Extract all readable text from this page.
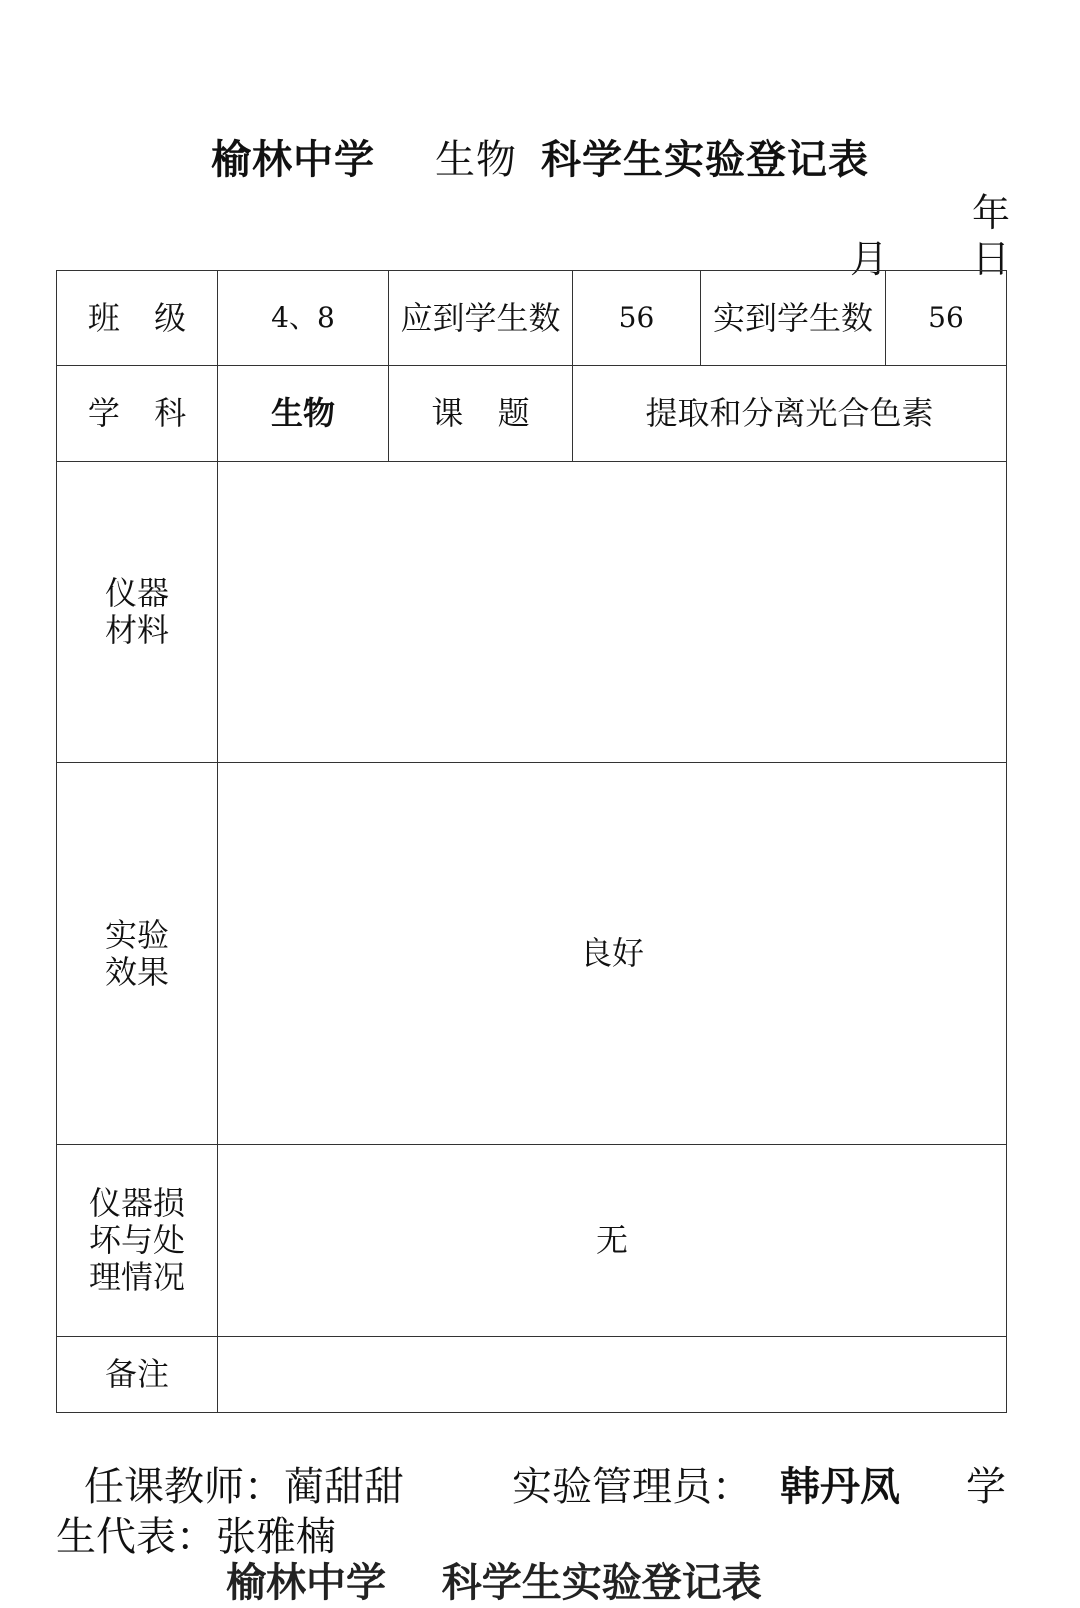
榆林中学 生物 科学生实验登记表
年
月 日
班 级	4、8	应到学生数	56	实到学生数	56
学 科	生物	课 题	提取和分离光合色素		
仪器材料					
实验效果	良好				
仪器损坏与处理情况	无				
备注					
任课教师：蔺甜甜	实验管理员： 韩丹凤 学
生代表：张雅楠
榆林中学    科学生实验登记表
